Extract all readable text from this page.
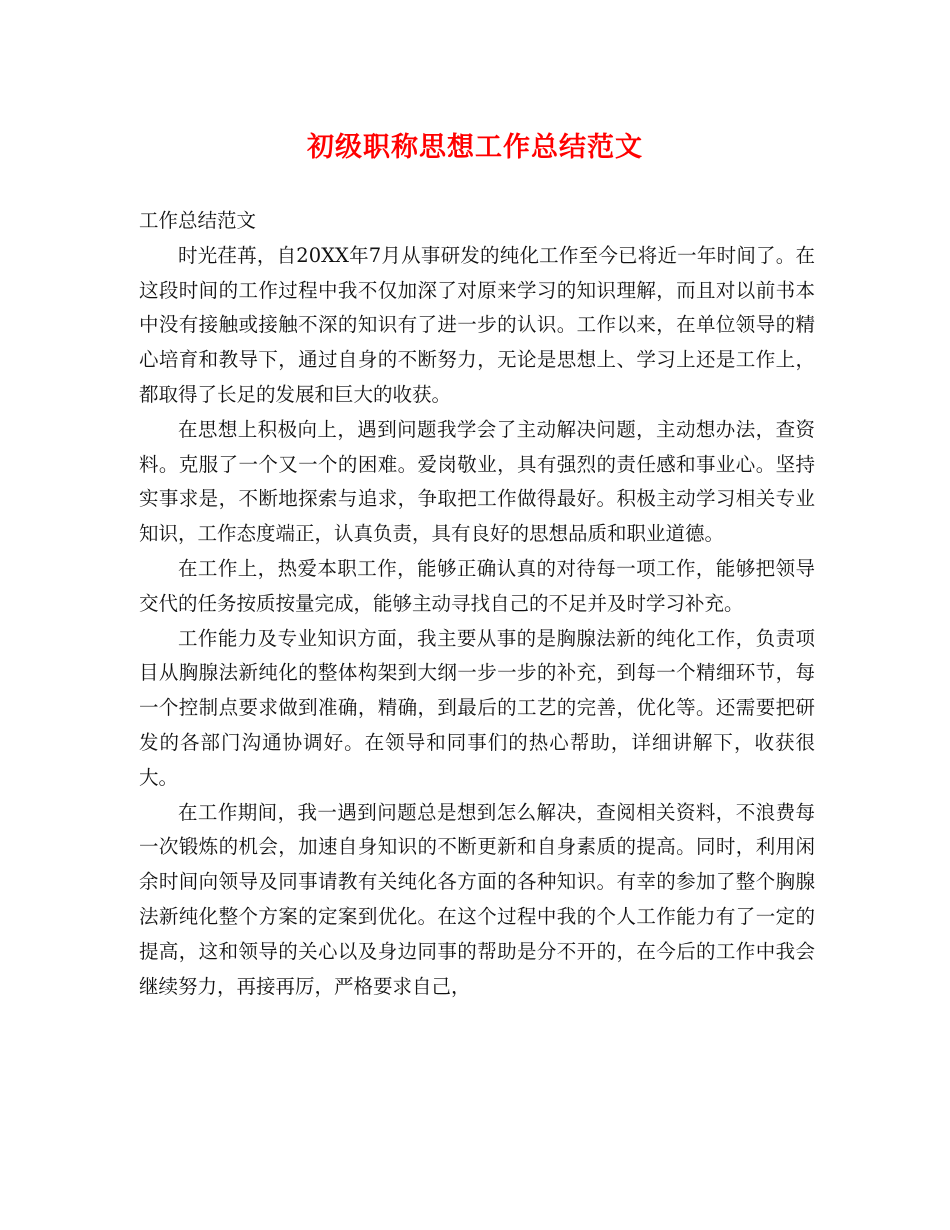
初级职称思想工作总结范文

工作总结范文

时光荏苒，自20XX年7月从事研发的纯化工作至今已将近一年时间了。在这段时间的工作过程中我不仅加深了对原来学习的知识理解，而且对以前书本中没有接触或接触不深的知识有了进一步的认识。工作以来，在单位领导的精心培育和教导下，通过自身的不断努力，无论是思想上、学习上还是工作上，都取得了长足的发展和巨大的收获。

在思想上积极向上，遇到问题我学会了主动解决问题，主动想办法，查资料。克服了一个又一个的困难。爱岗敬业，具有强烈的责任感和事业心。坚持实事求是，不断地探索与追求，争取把工作做得最好。积极主动学习相关专业知识，工作态度端正，认真负责，具有良好的思想品质和职业道德。

在工作上，热爱本职工作，能够正确认真的对待每一项工作，能够把领导交代的任务按质按量完成，能够主动寻找自己的不足并及时学习补充。

工作能力及专业知识方面，我主要从事的是胸腺法新的纯化工作，负责项目从胸腺法新纯化的整体构架到大纲一步一步的补充，到每一个精细环节，每一个控制点要求做到准确，精确，到最后的工艺的完善，优化等。还需要把研发的各部门沟通协调好。在领导和同事们的热心帮助，详细讲解下，收获很大。

在工作期间，我一遇到问题总是想到怎么解决，查阅相关资料，不浪费每一次锻炼的机会，加速自身知识的不断更新和自身素质的提高。同时，利用闲余时间向领导及同事请教有关纯化各方面的各种知识。有幸的参加了整个胸腺法新纯化整个方案的定案到优化。在这个过程中我的个人工作能力有了一定的提高，这和领导的关心以及身边同事的帮助是分不开的，在今后的工作中我会继续努力，再接再厉，严格要求自己，
